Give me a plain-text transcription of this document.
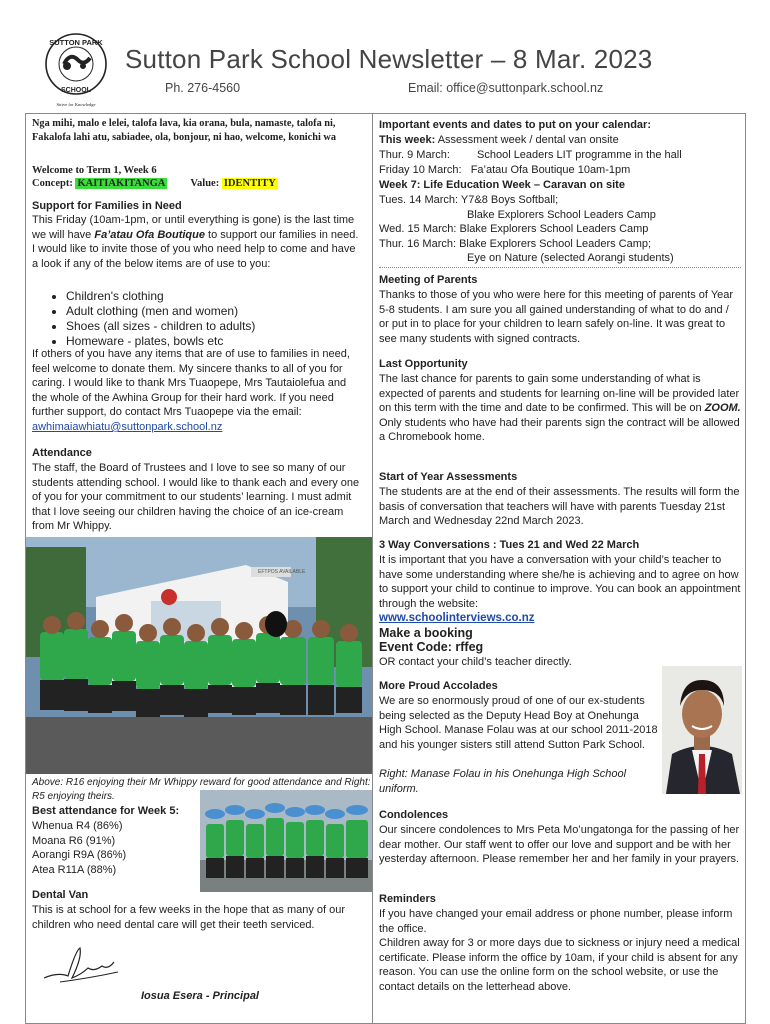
SUTTON PARK
SCHOOL
Strive for Knowledge
Sutton Park School Newsletter – 8 Mar. 2023
Ph. 276-4560	Email: office@suttonpark.school.nz
Nga mihi, malo e lelei, talofa lava, kia orana, bula, namaste, talofa ni, Fakalofa lahi atu, sabiadee, ola, bonjour, ni hao, welcome, konichi wa
Welcome to Term 1, Week 6
Concept: KAITIAKITANGA Value: IDENTITY
Support for Families in Need
This Friday (10am-1pm, or until everything is gone) is the last time we will have Fa’atau Ofa Boutique to support our families in need. I would like to invite those of you who need help to come and have a look if any of the below items are of use to you:
• Children's clothing
• Adult clothing (men and women)
• Shoes (all sizes - children to adults)
• Homeware - plates, bowls etc
If others of you have any items that are of use to families in need, feel welcome to donate them. My sincere thanks to all of you for caring. I would like to thank Mrs Tuaopepe, Mrs Tautaiolefua and the whole of the Awhina Group for their hard work. If you need further support, do contact Mrs Tuaopepe via the email: awhimaiawhiatu@suttonpark.school.nz
Attendance
The staff, the Board of Trustees and I love to see so many of our students attending school. I would like to thank each and every one of you for your commitment to our students’ learning. I must admit that I love seeing our children having the choice of an ice-cream from Mr Whippy.
EFTPOS AVAILABLE
Above: R16 enjoying their Mr Whippy reward for good attendance and Right: R5 enjoying theirs.
Best attendance for Week 5:
Whenua R4 (86%)
Moana R6 (91%)
Aorangi R9A (86%)
Atea R11A (88%)
Dental Van
This is at school for a few weeks in the hope that as many of our children who need dental care will get their teeth serviced.
Iosua Esera - Principal
Important events and dates to put on your calendar:
This week: Assessment week / dental van onsite
Thur. 9 March: School Leaders LIT programme in the hall
Friday 10 March:   Fa’atau Ofa Boutique 10am-1pm
Week 7: Life Education Week – Caravan on site
Tues. 14 March: Y7&8 Boys Softball;
Blake Explorers School Leaders Camp
Wed. 15 March: Blake Explorers School Leaders Camp
Thur. 16 March: Blake Explorers School Leaders Camp;
Eye on Nature (selected Aorangi students)
Meeting of Parents
Thanks to those of you who were here for this meeting of parents of Year 5-8 students. I am sure you all gained understanding of what to do and / or put in to place for your children to learn safely on-line. It was great to see many students with signed contracts.
Last Opportunity
The last chance for parents to gain some understanding of what is expected of parents and students for learning on-line will be provided later on this term with the time and date to be confirmed. This will be on ZOOM.
Only students who have had their parents sign the contract will be allowed a Chromebook home.
Start of Year Assessments
The students are at the end of their assessments. The results will form the basis of conversation that teachers will have with parents Tuesday 21st March and Wednesday 22nd March 2023.
3 Way Conversations : Tues 21 and Wed 22 March
It is important that you have a conversation with your child’s teacher to have some understanding where she/he is achieving and to agree on how to support your child to continue to improve. You can book an appointment through the website:
www.schoolinterviews.co.nz
Make a booking
Event Code: rffeg
OR contact your child’s teacher directly.
More Proud Accolades
We are so enormously proud of one of our ex-students being selected as the Deputy Head Boy at Onehunga High School. Manase Folau was at our school 2011-2018 and his younger sisters still attend Sutton Park School.
Right: Manase Folau in his Onehunga High School uniform.
Condolences
Our sincere condolences to Mrs Peta Mo’ungatonga for the passing of her dear mother. Our staff went to offer our love and support and be with her yesterday afternoon. Please remember her and her family in your prayers.
Reminders
If you have changed your email address or phone number, please inform the office.
Children away for 3 or more days due to sickness or injury need a medical certificate. Please inform the office by 10am, if your child is absent for any reason. You can use the online form on the school website, or use the contact details on the letterhead above.
